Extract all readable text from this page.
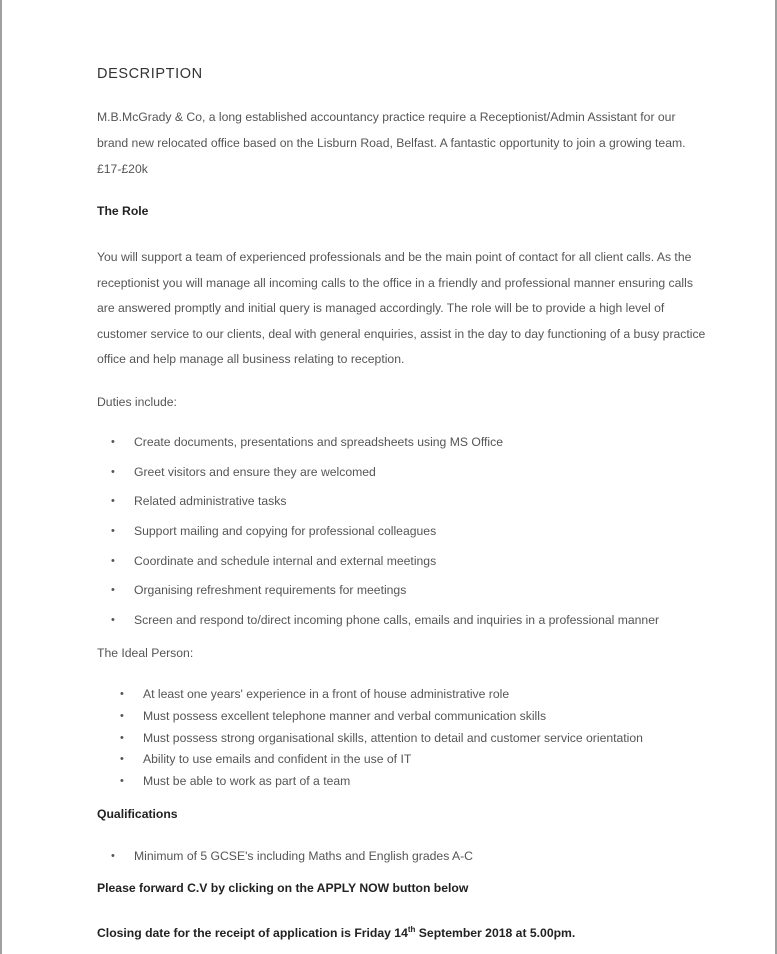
DESCRIPTION
M.B.McGrady & Co, a long established accountancy practice require a Receptionist/Admin Assistant for our
brand new relocated office based on the Lisburn Road, Belfast. A fantastic opportunity to join a growing team.
£17-£20k
The Role
You will support a team of experienced professionals and be the main point of contact for all client calls. As the
receptionist you will manage all incoming calls to the office in a friendly and professional manner ensuring calls
are answered promptly and initial query is managed accordingly. The role will be to provide a high level of
customer service to our clients, deal with general enquiries, assist in the day to day functioning of a busy practice
office and help manage all business relating to reception.
Duties include:
• Create documents, presentations and spreadsheets using MS Office
• Greet visitors and ensure they are welcomed
• Related administrative tasks
• Support mailing and copying for professional colleagues
• Coordinate and schedule internal and external meetings
• Organising refreshment requirements for meetings
• Screen and respond to/direct incoming phone calls, emails and inquiries in a professional manner
The Ideal Person:
• At least one years' experience in a front of house administrative role
• Must possess excellent telephone manner and verbal communication skills
• Must possess strong organisational skills, attention to detail and customer service orientation
• Ability to use emails and confident in the use of IT
• Must be able to work as part of a team
Qualifications
• Minimum of 5 GCSE's including Maths and English grades A-C
Please forward C.V by clicking on the APPLY NOW button below
Closing date for the receipt of application is Friday 14th September 2018 at 5.00pm.
